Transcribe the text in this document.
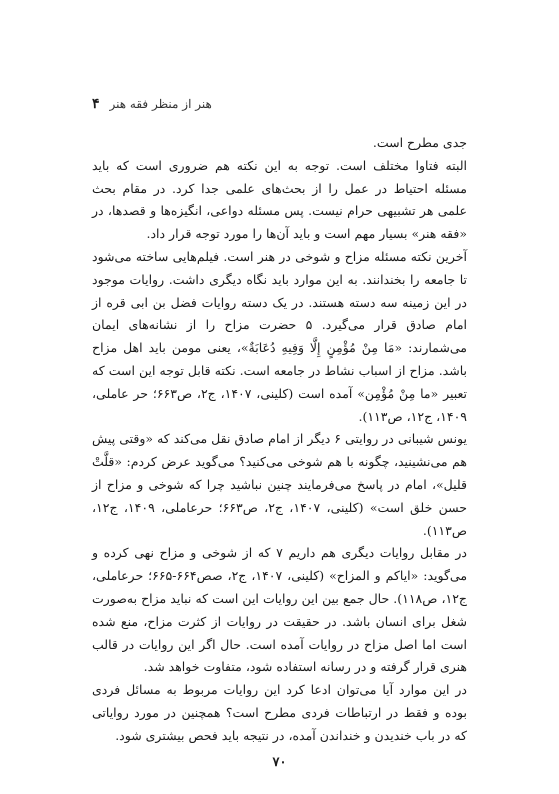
۴ هنر از منظر فقه هنر

جدی مطرح است.

البته فتاوا مختلف است. توجه به این نکته هم ضروری است که باید مسئله احتیاط در عمل را از بحث‌های علمی جدا کرد. در مقام بحث علمی هر تشبیهی حرام نیست. پس مسئله دواعی، انگیزه‌ها و قصدها، در «فقه هنر» بسیار مهم است و باید آن‌ها را مورد توجه قرار داد.

آخرین نکته مسئله مزاح و شوخی در هنر است. فیلم‌هایی ساخته می‌شود تا جامعه را بخندانند. به این موارد باید نگاه دیگری داشت. روایات موجود در این زمینه سه دسته هستند. در یک دسته روایات فضل بن ابی قره از امام صادق قرار می‌گیرد. ۵ حضرت مزاح را از نشانه‌های ایمان می‌شمارند: «مَا مِنْ مُؤْمِنٍ إِلَّا وَفِيهِ دُعَابَةٌ»، یعنی مومن باید اهل مزاح باشد. مزاح از اسباب نشاط در جامعه است. نکته قابل توجه این است که تعبیر «ما مِنْ مُؤْمِن» آمده است (کلینی، ۱۴۰۷، ج۲، ص۶۶۳؛ حر عاملی، ۱۴۰۹، ج۱۲، ص۱۱۳).

یونس شیبانی در روایتی ۶ دیگر از امام صادق نقل می‌کند که «وقتی پیش هم می‌نشینید، چگونه با هم شوخی می‌کنید؟ می‌گوید عرض کردم: «قلَّتْ قلیل»، امام در پاسخ می‌فرمایند چنین نباشید چرا که شوخی و مزاح از حسن خلق است» (کلینی، ۱۴۰۷، ج۲، ص۶۶۳؛ حرعاملی، ۱۴۰۹، ج۱۲، ص۱۱۳).

در مقابل روایات دیگری هم داریم ۷ که از شوخی و مزاح نهی کرده و می‌گوید: «ایاکم و المزاح» (کلینی، ۱۴۰۷، ج۲، صص۶۶۴-۶۶۵؛ حرعاملی، ج۱۲، ص۱۱۸). حال جمع بین این روایات این است که نباید مزاح به‌صورت شغل برای انسان باشد. در حقیقت در روایات از کثرت مزاح، منع شده است اما اصل مزاح در روایات آمده است. حال اگر این روایات در قالب هنری قرار گرفته و در رسانه استفاده شود، متفاوت خواهد شد.

در این موارد آیا می‌توان ادعا کرد این روایات مربوط به مسائل فردی بوده و فقط در ارتباطات فردی مطرح است؟ همچنین در مورد روایاتی که در باب خندیدن و خنداندن آمده، در نتیجه باید فحص بیشتری شود.

۷۰
